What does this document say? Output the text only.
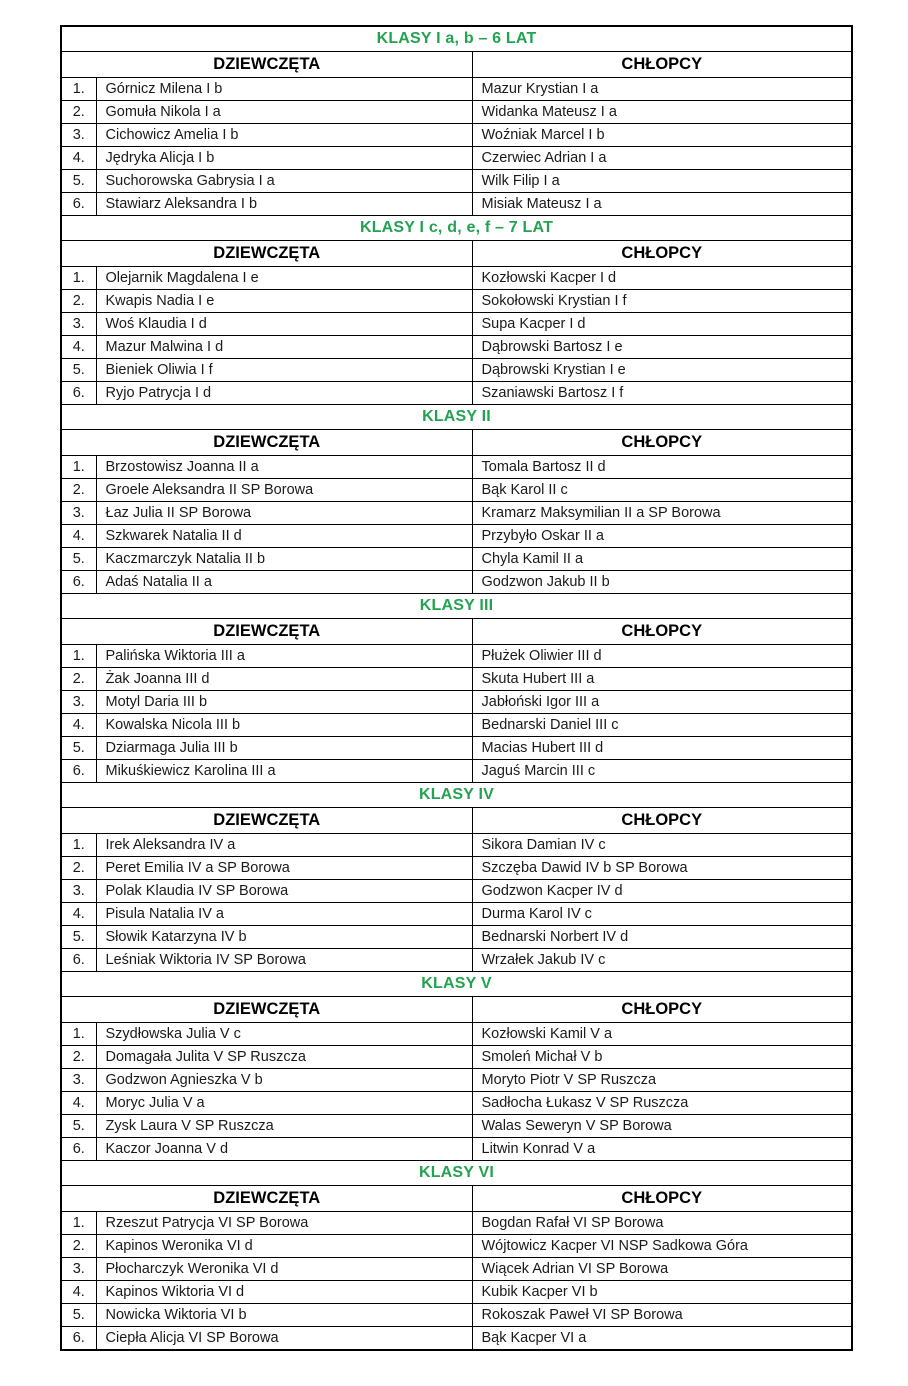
KLASY I a, b – 6 LAT		
DZIEWCZĘTA		CHŁOPCY
1.	Górnicz Milena I b	Mazur Krystian I a
2.	Gomuła Nikola I a	Widanka Mateusz I a
3.	Cichowicz Amelia I b	Woźniak Marcel I b
4.	Jędryka Alicja I b	Czerwiec Adrian I a
5.	Suchorowska Gabrysia I a	Wilk Filip I a
6.	Stawiarz Aleksandra I b	Misiak Mateusz I a
KLASY I c, d, e, f – 7 LAT		
DZIEWCZĘTA		CHŁOPCY
1.	Olejarnik Magdalena I e	Kozłowski Kacper I d
2.	Kwapis Nadia I e	Sokołowski Krystian I f
3.	Woś Klaudia I d	Supa Kacper I d
4.	Mazur Malwina I d	Dąbrowski Bartosz I e
5.	Bieniek Oliwia I f	Dąbrowski Krystian I e
6.	Ryjo Patrycja I d	Szaniawski Bartosz I f
KLASY II		
DZIEWCZĘTA		CHŁOPCY
1.	Brzostowisz Joanna II a	Tomala Bartosz II d
2.	Groele Aleksandra II SP Borowa	Bąk Karol II c
3.	Łaz Julia II SP Borowa	Kramarz Maksymilian II a SP Borowa
4.	Szkwarek Natalia II d	Przybyło Oskar II a
5.	Kaczmarczyk Natalia II b	Chyla Kamil II a
6.	Adaś Natalia II a	Godzwon Jakub II b
KLASY III		
DZIEWCZĘTA		CHŁOPCY
1.	Palińska Wiktoria III a	Płużek Oliwier III d
2.	Żak Joanna III d	Skuta Hubert III a
3.	Motyl Daria III b	Jabłoński Igor III a
4.	Kowalska Nicola III b	Bednarski Daniel III c
5.	Dziarmaga Julia III b	Macias Hubert III d
6.	Mikuśkiewicz Karolina III a	Jaguś Marcin III c
KLASY IV		
DZIEWCZĘTA		CHŁOPCY
1.	Irek Aleksandra IV a	Sikora Damian IV c
2.	Peret Emilia IV a SP Borowa	Szczęba Dawid IV b SP Borowa
3.	Polak Klaudia IV SP Borowa	Godzwon Kacper IV d
4.	Pisula Natalia IV a	Durma Karol IV c
5.	Słowik Katarzyna IV b	Bednarski Norbert IV d
6.	Leśniak Wiktoria IV SP Borowa	Wrzałek Jakub IV c
KLASY V		
DZIEWCZĘTA		CHŁOPCY
1.	Szydłowska Julia V c	Kozłowski Kamil V a
2.	Domagała Julita V SP Ruszcza	Smoleń Michał V b
3.	Godzwon Agnieszka V b	Moryto Piotr V SP Ruszcza
4.	Moryc Julia V a	Sadłocha Łukasz V SP Ruszcza
5.	Zysk Laura V SP Ruszcza	Walas Seweryn V SP Borowa
6.	Kaczor Joanna V d	Litwin Konrad V a
KLASY VI		
DZIEWCZĘTA		CHŁOPCY
1.	Rzeszut Patrycja VI SP Borowa	Bogdan Rafał VI SP Borowa
2.	Kapinos Weronika VI d	Wójtowicz Kacper VI NSP Sadkowa Góra
3.	Płocharczyk Weronika VI d	Wiącek Adrian VI SP Borowa
4.	Kapinos Wiktoria VI d	Kubik Kacper VI b
5.	Nowicka Wiktoria VI b	Rokoszak Paweł VI SP Borowa
6.	Ciepła Alicja VI SP Borowa	Bąk Kacper VI a
